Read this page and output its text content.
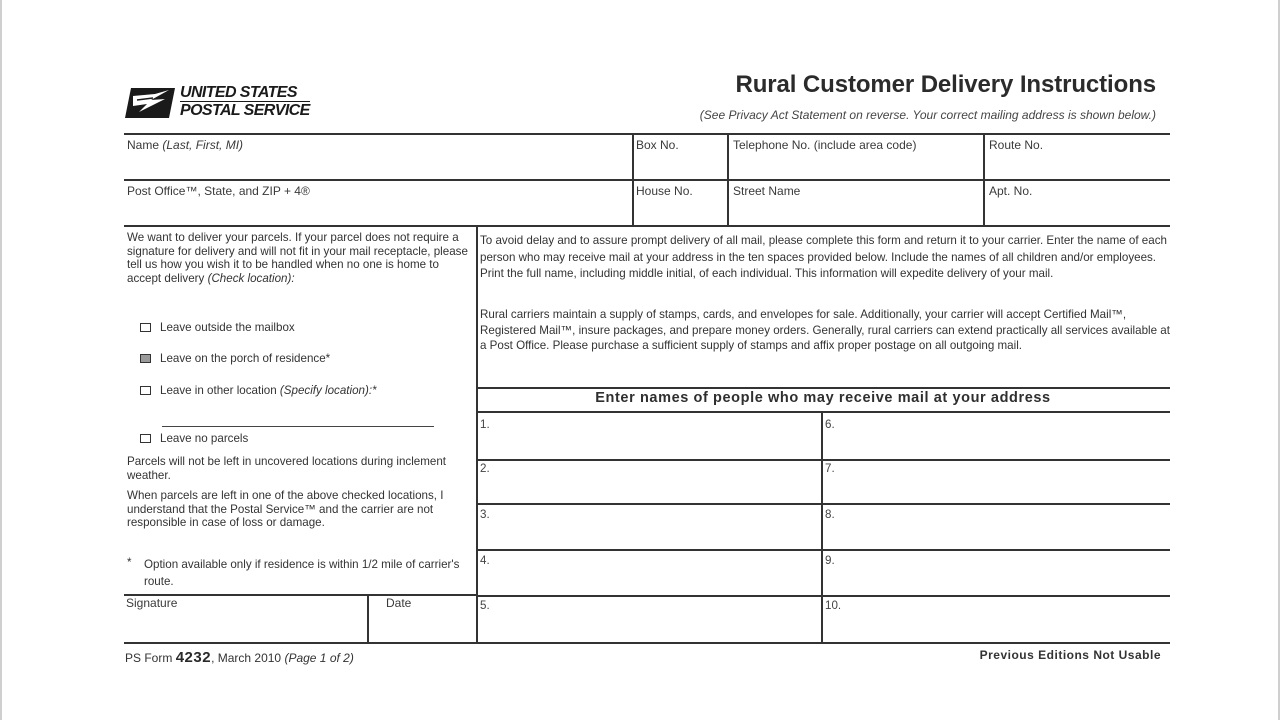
UNITED STATES
POSTAL SERVICE
Rural Customer Delivery Instructions
(See Privacy Act Statement on reverse. Your correct mailing address is shown below.)
Name (Last, First, MI)	Box No.	Telephone No. (include area code)	Route No.
Post Office™, State, and ZIP + 4®	House No.	Street Name	Apt. No.
We want to deliver your parcels. If your parcel does not require a signature for delivery and will not fit in your mail receptacle, please tell us how you wish it to be handled when no one is home to accept delivery (Check location):
Leave outside the mailbox
Leave on the porch of residence*
Leave in other location (Specify location):*
Leave no parcels
Parcels will not be left in uncovered locations during inclement weather.
When parcels are left in one of the above checked locations, I understand that the Postal Service™ and the carrier are not responsible in case of loss or damage.
* Option available only if residence is within 1/2 mile of carrier's route.
Signature	Date
To avoid delay and to assure prompt delivery of all mail, please complete this form and return it to your carrier. Enter the name of each person who may receive mail at your address in the ten spaces provided below. Include the names of all children and/or employees. Print the full name, including middle initial, of each individual. This information will expedite delivery of your mail.
Rural carriers maintain a supply of stamps, cards, and envelopes for sale. Additionally, your carrier will accept Certified Mail™, Registered Mail™, insure packages, and prepare money orders. Generally, rural carriers can extend practically all services available at a Post Office. Please purchase a sufficient supply of stamps and affix proper postage on all outgoing mail.
Enter names of people who may receive mail at your address
1.
2.
3.
4.
5.
6.
7.
8.
9.
10.
PS Form 4232, March 2010 (Page 1 of 2)	Previous Editions Not Usable
